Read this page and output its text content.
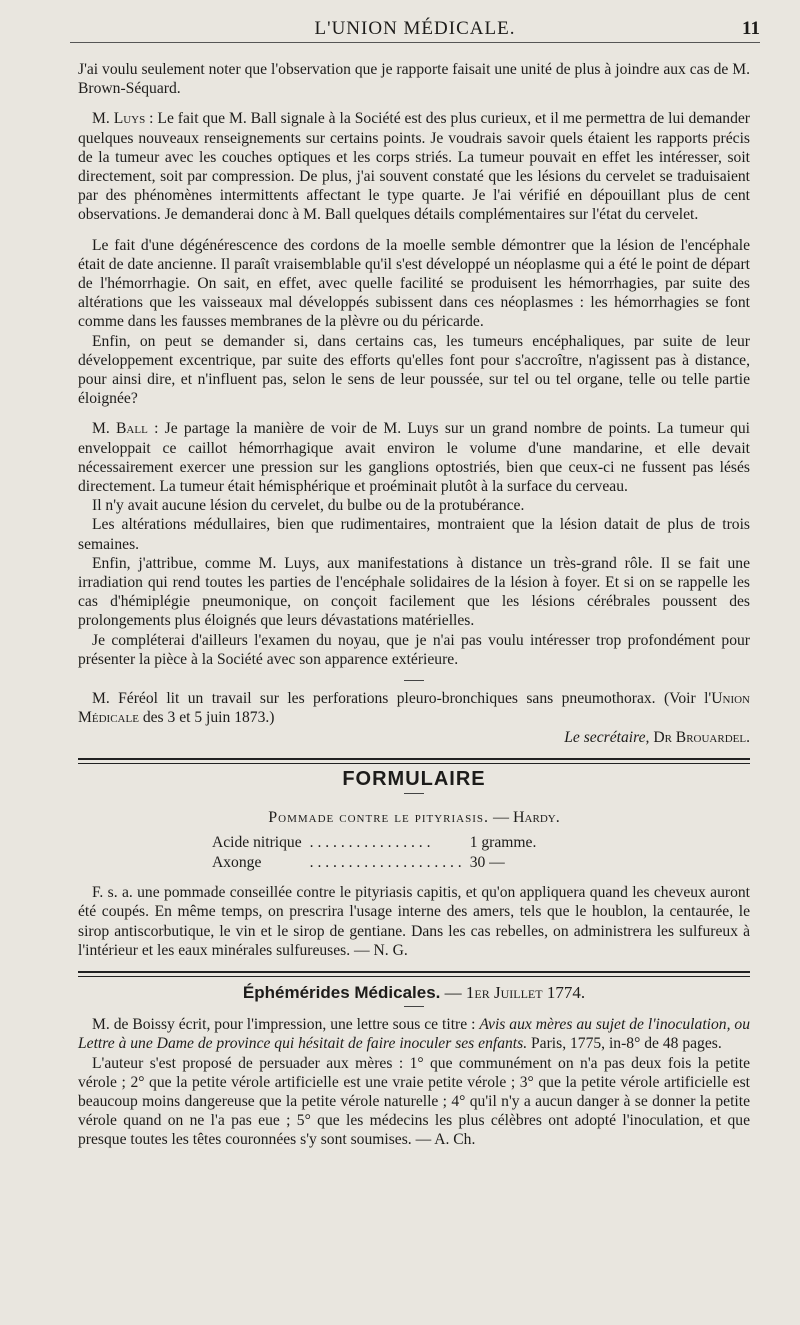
L'UNION MÉDICALE.	11

J'ai voulu seulement noter que l'observation que je rapporte faisait une unité de plus à joindre aux cas de M. Brown-Séquard.

M. Luys : Le fait que M. Ball signale à la Société est des plus curieux, et il me permettra de lui demander quelques nouveaux renseignements sur certains points. Je voudrais savoir quels étaient les rapports précis de la tumeur avec les couches optiques et les corps striés. La tumeur pouvait en effet les intéresser, soit directement, soit par compression. De plus, j'ai souvent constaté que les lésions du cervelet se traduisaient par des phénomènes intermittents affectant le type quarte. Je l'ai vérifié en dépouillant plus de cent observations. Je demanderai donc à M. Ball quelques détails complémentaires sur l'état du cervelet.

Le fait d'une dégénérescence des cordons de la moelle semble démontrer que la lésion de l'encéphale était de date ancienne. Il paraît vraisemblable qu'il s'est développé un néoplasme qui a été le point de départ de l'hémorrhagie. On sait, en effet, avec quelle facilité se produisent les hémorrhagies, par suite des altérations que les vaisseaux mal développés subissent dans ces néoplasmes : les hémorrhagies se font comme dans les fausses membranes de la plèvre ou du péricarde.

Enfin, on peut se demander si, dans certains cas, les tumeurs encéphaliques, par suite de leur développement excentrique, par suite des efforts qu'elles font pour s'accroître, n'agissent pas à distance, pour ainsi dire, et n'influent pas, selon le sens de leur poussée, sur tel ou tel organe, telle ou telle partie éloignée?

M. Ball : Je partage la manière de voir de M. Luys sur un grand nombre de points. La tumeur qui enveloppait ce caillot hémorrhagique avait environ le volume d'une mandarine, et elle devait nécessairement exercer une pression sur les ganglions optostriés, bien que ceux-ci ne fussent pas lésés directement. La tumeur était hémisphérique et proéminait plutôt à la surface du cerveau.

Il n'y avait aucune lésion du cervelet, du bulbe ou de la protubérance.

Les altérations médullaires, bien que rudimentaires, montraient que la lésion datait de plus de trois semaines.

Enfin, j'attribue, comme M. Luys, aux manifestations à distance un très-grand rôle. Il se fait une irradiation qui rend toutes les parties de l'encéphale solidaires de la lésion à foyer. Et si on se rappelle les cas d'hémiplégie pneumonique, on conçoit facilement que les lésions cérébrales poussent des prolongements plus éloignés que leurs dévastations matérielles.

Je compléterai d'ailleurs l'examen du noyau, que je n'ai pas voulu intéresser trop profondément pour présenter la pièce à la Société avec son apparence extérieure.

M. Féréol lit un travail sur les perforations pleuro-bronchiques sans pneumothorax. (Voir l'Union Médicale des 3 et 5 juin 1873.)

Le secrétaire, Dr Brouardel.

FORMULAIRE
Pommade contre le pityriasis. — Hardy.
Acide nitrique	. . . . . . . . . . . . . . . .	1 gramme.
Axonge	. . . . . . . . . . . . . . . . . . . .	30 —

F. s. a. une pommade conseillée contre le pityriasis capitis, et qu'on appliquera quand les cheveux auront été coupés. En même temps, on prescrira l'usage interne des amers, tels que le houblon, la centaurée, le sirop antiscorbutique, le vin et le sirop de gentiane. Dans les cas rebelles, on administrera les sulfureux à l'intérieur et les eaux minérales sulfureuses. — N. G.

Éphémérides Médicales. — 1er Juillet 1774.

M. de Boissy écrit, pour l'impression, une lettre sous ce titre : Avis aux mères au sujet de l'inoculation, ou Lettre à une Dame de province qui hésitait de faire inoculer ses enfants. Paris, 1775, in-8° de 48 pages.

L'auteur s'est proposé de persuader aux mères : 1° que communément on n'a pas deux fois la petite vérole ; 2° que la petite vérole artificielle est une vraie petite vérole ; 3° que la petite vérole artificielle est beaucoup moins dangereuse que la petite vérole naturelle ; 4° qu'il n'y a aucun danger à se donner la petite vérole quand on ne l'a pas eue ; 5° que les médecins les plus célèbres ont adopté l'inoculation, et que presque toutes les têtes couronnées s'y sont soumises. — A. Ch.
